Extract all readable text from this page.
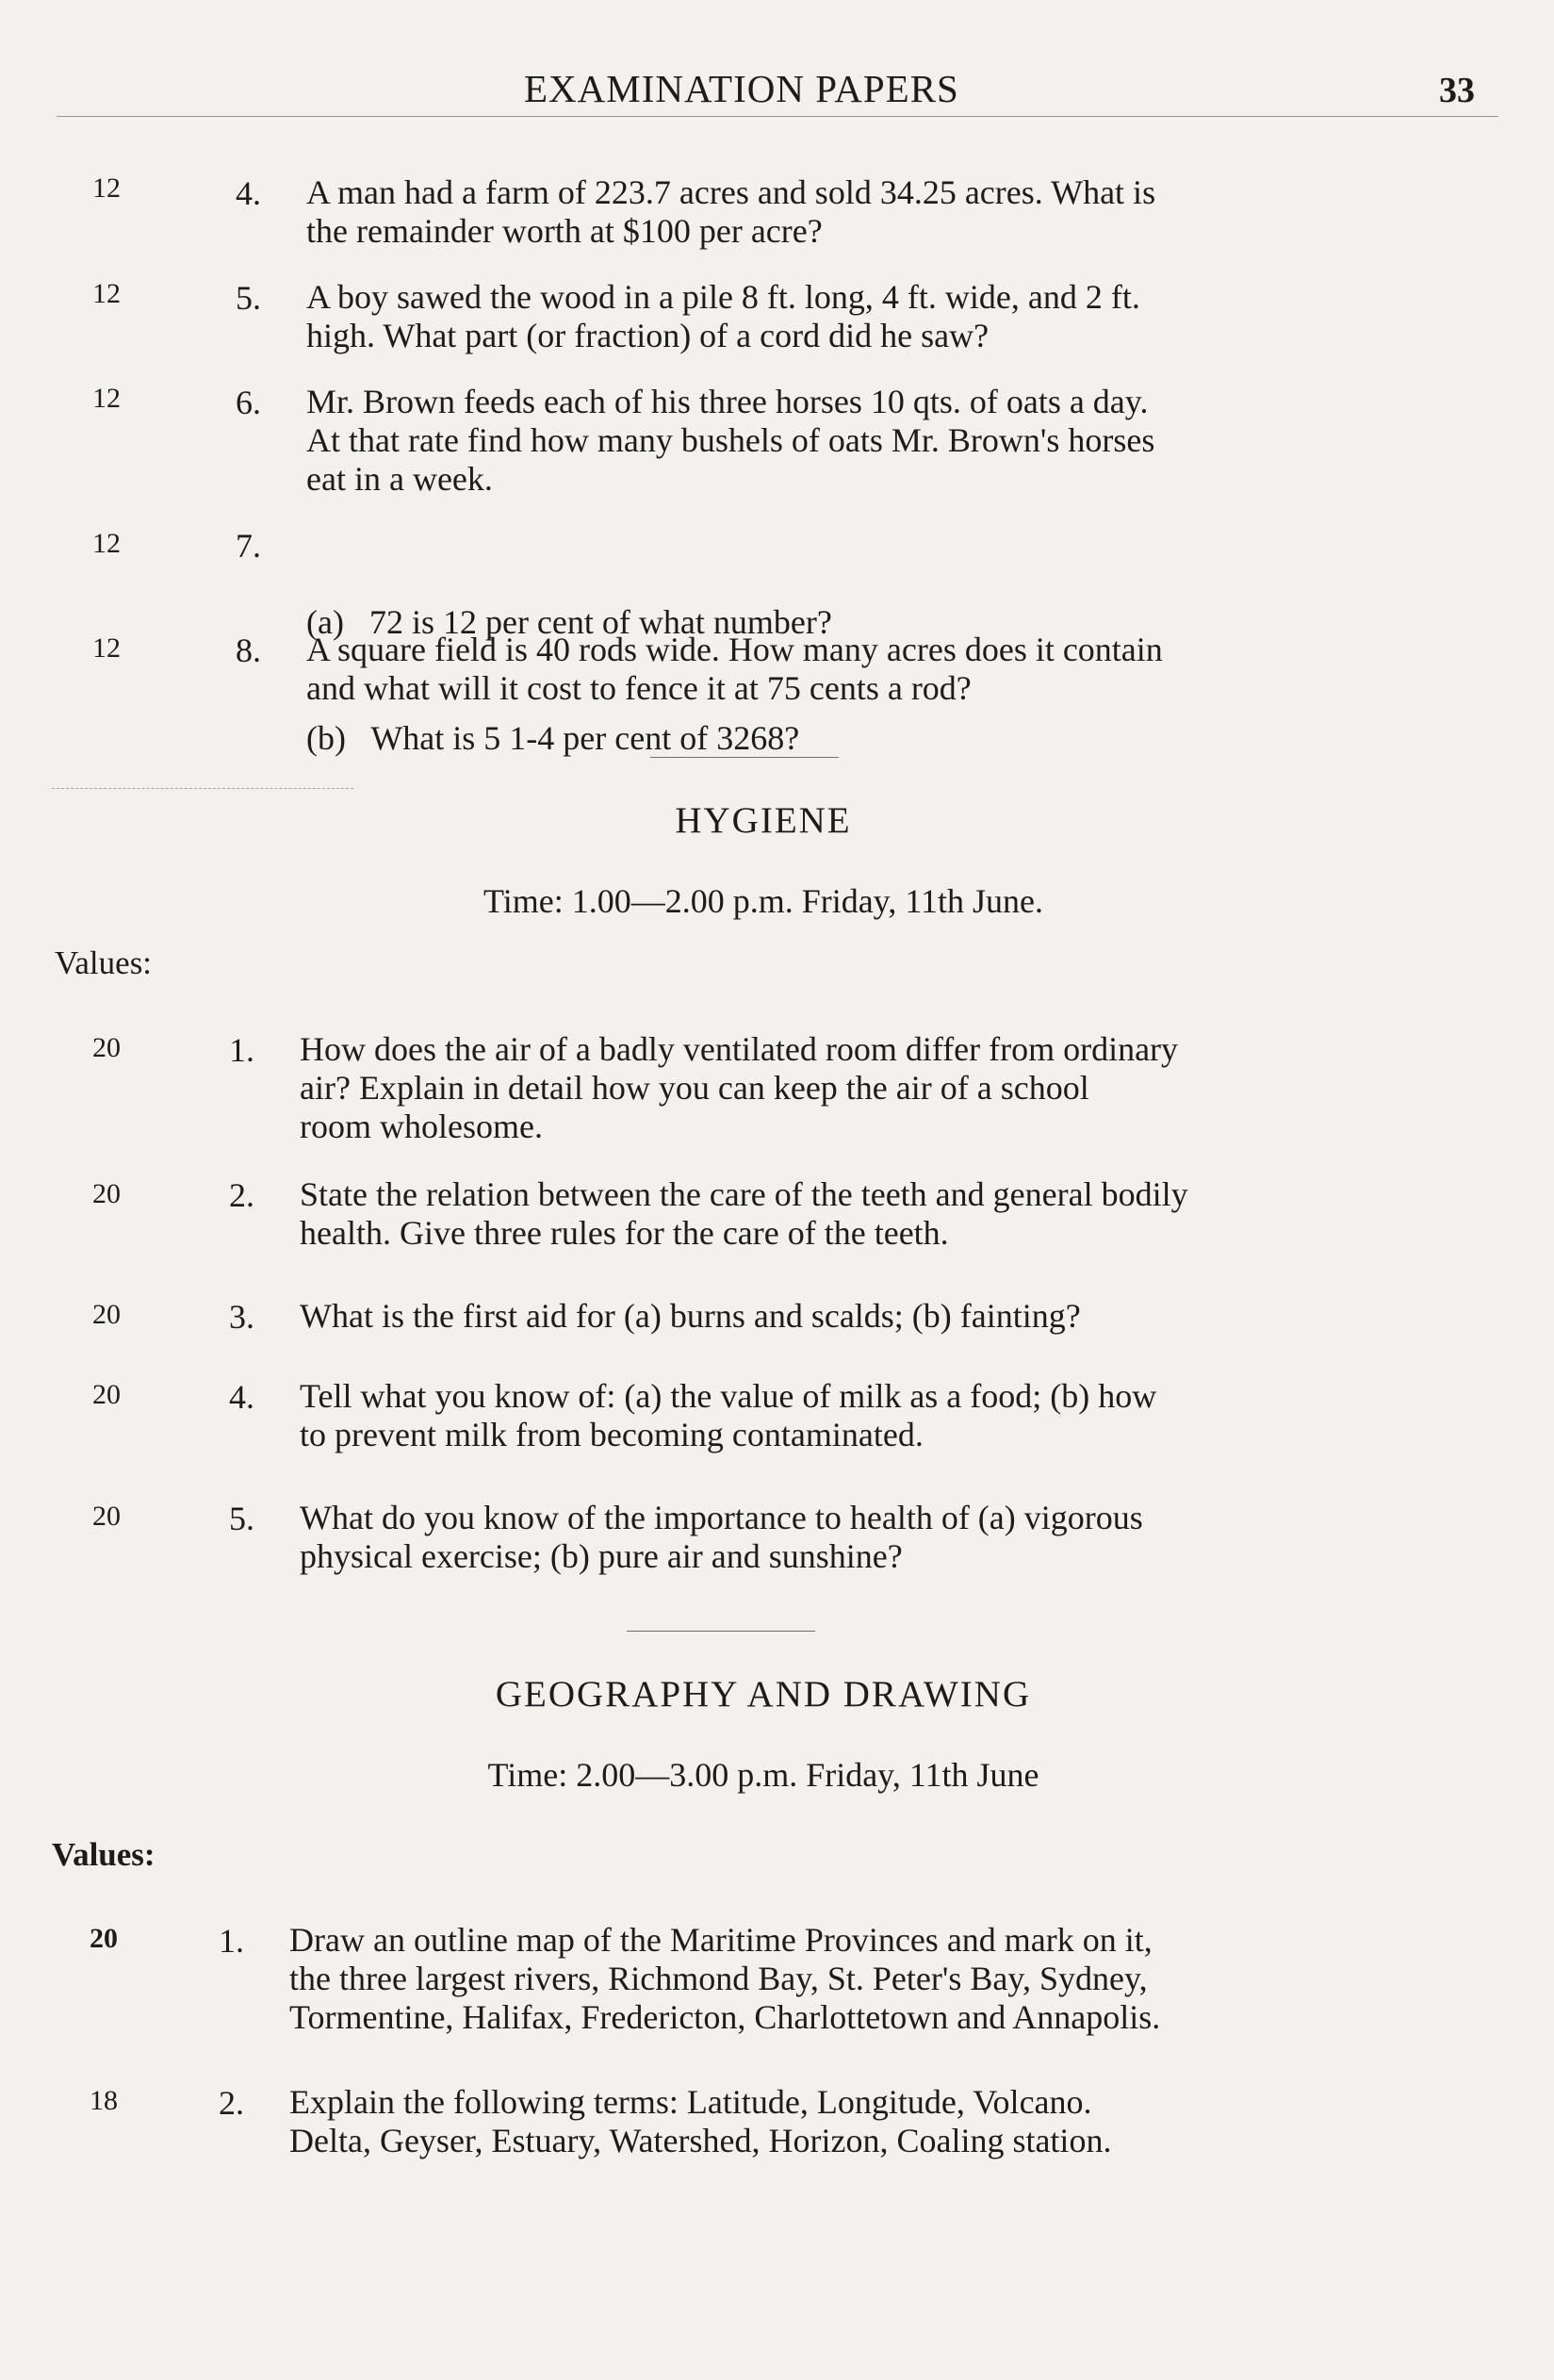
EXAMINATION PAPERS	33
12	4. A man had a farm of 223.7 acres and sold 34.25 acres. What is
the remainder worth at $100 per acre?
12	5. A boy sawed the wood in a pile 8 ft. long, 4 ft. wide, and 2 ft.
high. What part (or fraction) of a cord did he saw?
12	6. Mr. Brown feeds each of his three horses 10 qts. of oats a day.
At that rate find how many bushels of oats Mr. Brown's horses
eat in a week.
12	7.

(a)   72 is 12 per cent of what number?

(b)   What is 5 1-4 per cent of 3268?

12	8. A square field is 40 rods wide. How many acres does it contain
and what will it cost to fence it at 75 cents a rod?
HYGIENE
Time: 1.00—2.00 p.m. Friday, 11th June.
Values:
20	1. How does the air of a badly ventilated room differ from ordinary
air? Explain in detail how you can keep the air of a school
room wholesome.
20	2. State the relation between the care of the teeth and general bodily
health. Give three rules for the care of the teeth.
20	3. What is the first aid for (a) burns and scalds; (b) fainting?
20	4. Tell what you know of: (a) the value of milk as a food; (b) how
to prevent milk from becoming contaminated.
20	5. What do you know of the importance to health of (a) vigorous
physical exercise; (b) pure air and sunshine?
GEOGRAPHY AND DRAWING
Time: 2.00—3.00 p.m. Friday, 11th June
Values:
20	1. Draw an outline map of the Maritime Provinces and mark on it,
the three largest rivers, Richmond Bay, St. Peter's Bay, Sydney,
Tormentine, Halifax, Fredericton, Charlottetown and Annapolis.
18	2. Explain the following terms: Latitude, Longitude, Volcano.
Delta, Geyser, Estuary, Watershed, Horizon, Coaling station.
